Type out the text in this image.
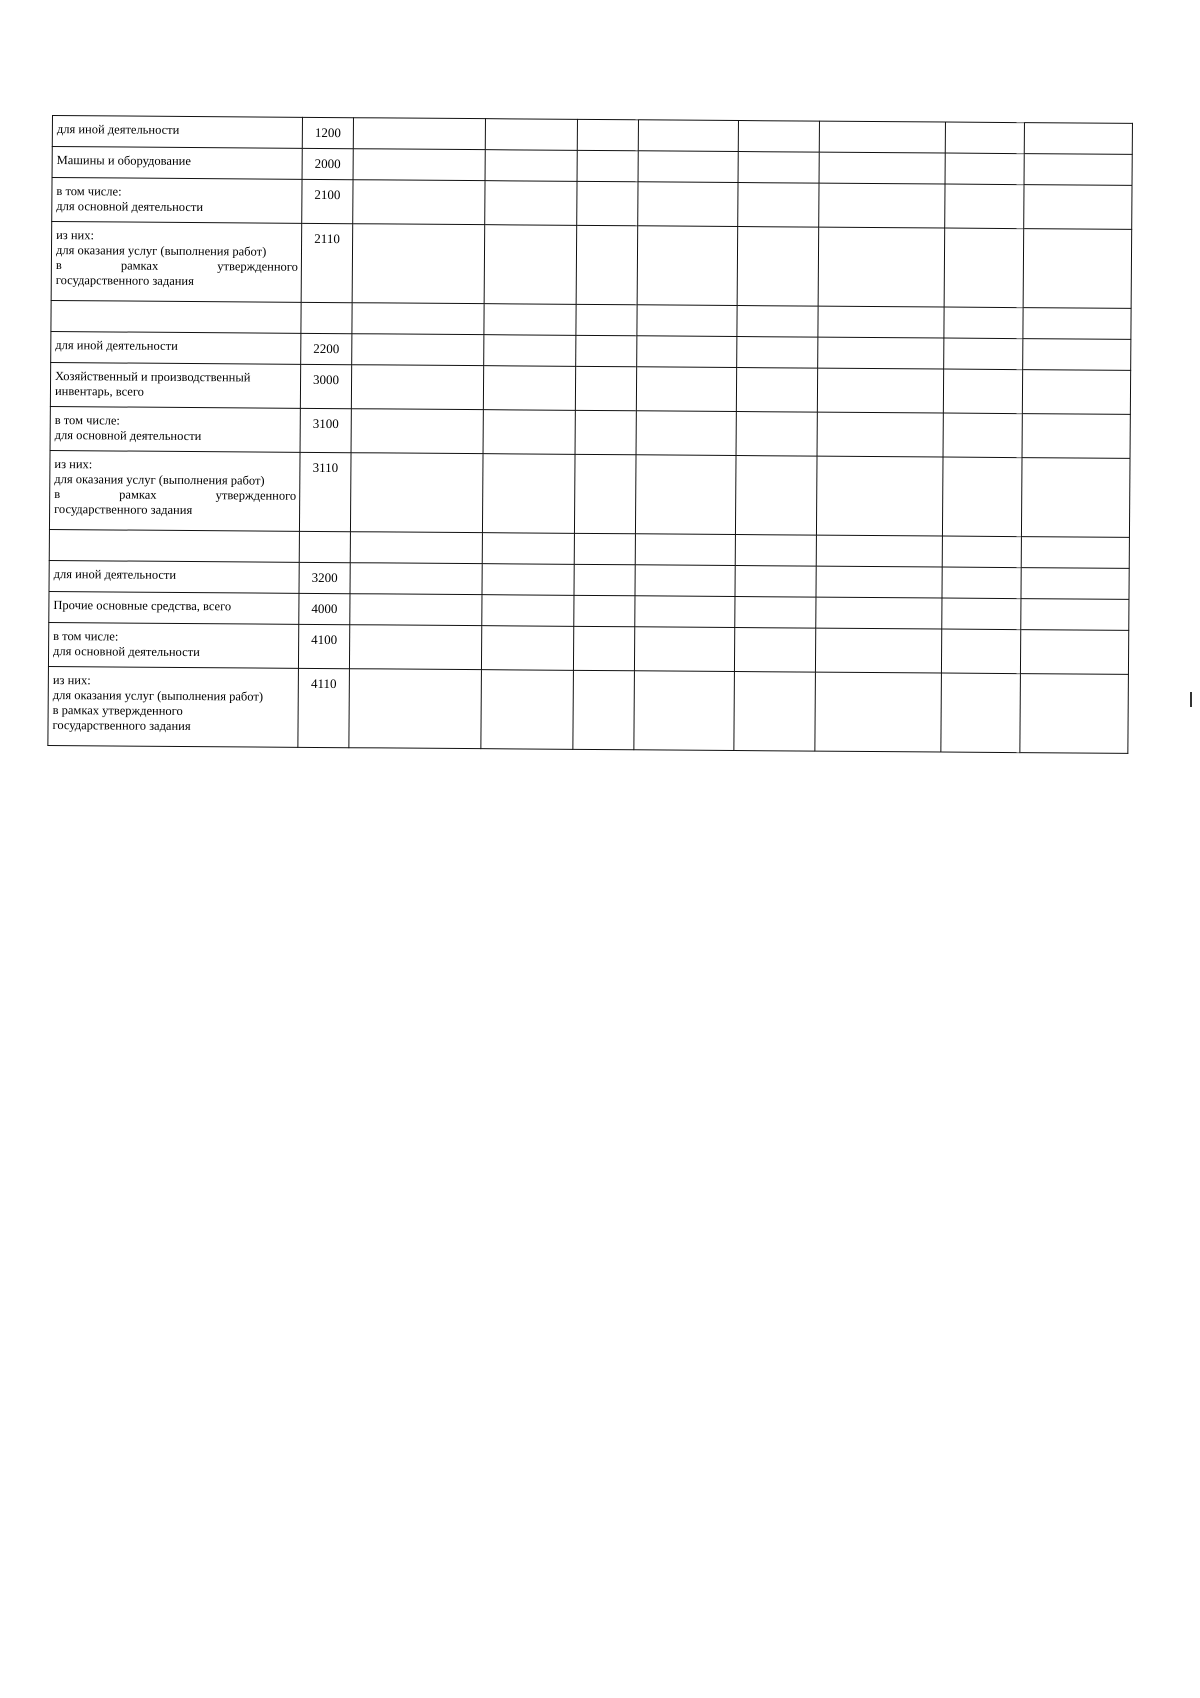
для иной деятельности	1200								

Машины и оборудование	2000								

в том числе:
для основной деятельности	2100								

из них:
для оказания услуг (выполнения работ)
в рамках утвержденного
государственного задания	2110								

для иной деятельности	2200								

Хозяйственный и производственный
инвентарь, всего	3000								

в том числе:
для основной деятельности	3100								

из них:
для оказания услуг (выполнения работ)
в рамках утвержденного
государственного задания	3110								

для иной деятельности	3200								

Прочие основные средства, всего	4000								

в том числе:
для основной деятельности	4100								

из них:
для оказания услуг (выполнения работ)
в рамках утвержденного
государственного задания	4110								
